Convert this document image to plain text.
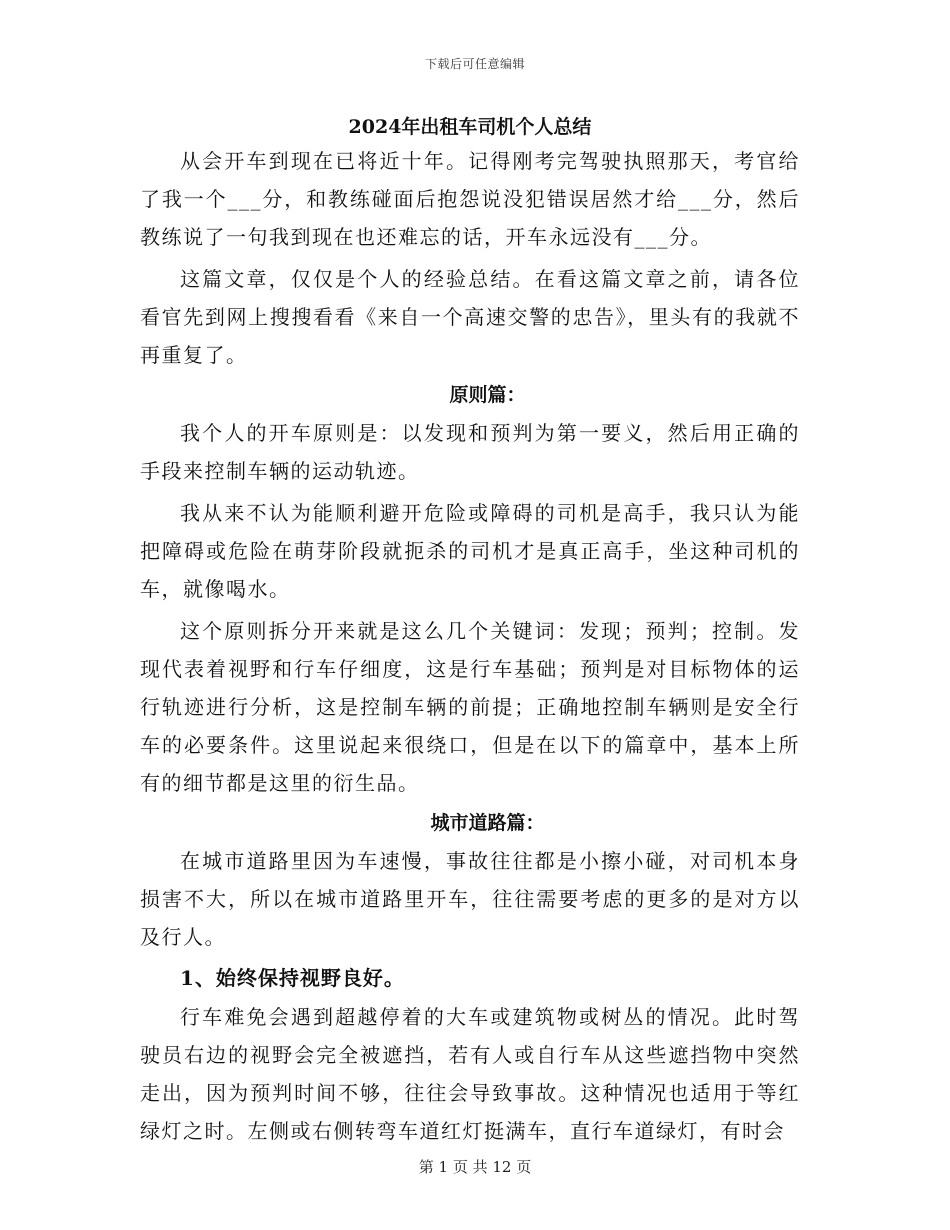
下载后可任意编辑
2024年出租车司机个人总结

从会开车到现在已将近十年。记得刚考完驾驶执照那天，考官给了我一个___分，和教练碰面后抱怨说没犯错误居然才给___分，然后教练说了一句我到现在也还难忘的话，开车永远没有___分。

这篇文章，仅仅是个人的经验总结。在看这篇文章之前，请各位看官先到网上搜搜看看《来自一个高速交警的忠告》，里头有的我就不再重复了。

原则篇：

我个人的开车原则是：以发现和预判为第一要义，然后用正确的手段来控制车辆的运动轨迹。

我从来不认为能顺利避开危险或障碍的司机是高手，我只认为能把障碍或危险在萌芽阶段就扼杀的司机才是真正高手，坐这种司机的车，就像喝水。

这个原则拆分开来就是这么几个关键词：发现；预判；控制。发现代表着视野和行车仔细度，这是行车基础；预判是对目标物体的运行轨迹进行分析，这是控制车辆的前提；正确地控制车辆则是安全行车的必要条件。这里说起来很绕口，但是在以下的篇章中，基本上所有的细节都是这里的衍生品。

城市道路篇：

在城市道路里因为车速慢，事故往往都是小擦小碰，对司机本身损害不大，所以在城市道路里开车，往往需要考虑的更多的是对方以及行人。

1、始终保持视野良好。

行车难免会遇到超越停着的大车或建筑物或树丛的情况。此时驾驶员右边的视野会完全被遮挡，若有人或自行车从这些遮挡物中突然走出，因为预判时间不够，往往会导致事故。这种情况也适用于等红绿灯之时。左侧或右侧转弯车道红灯挺满车，直行车道绿灯，有时会

第 1 页 共 12 页
